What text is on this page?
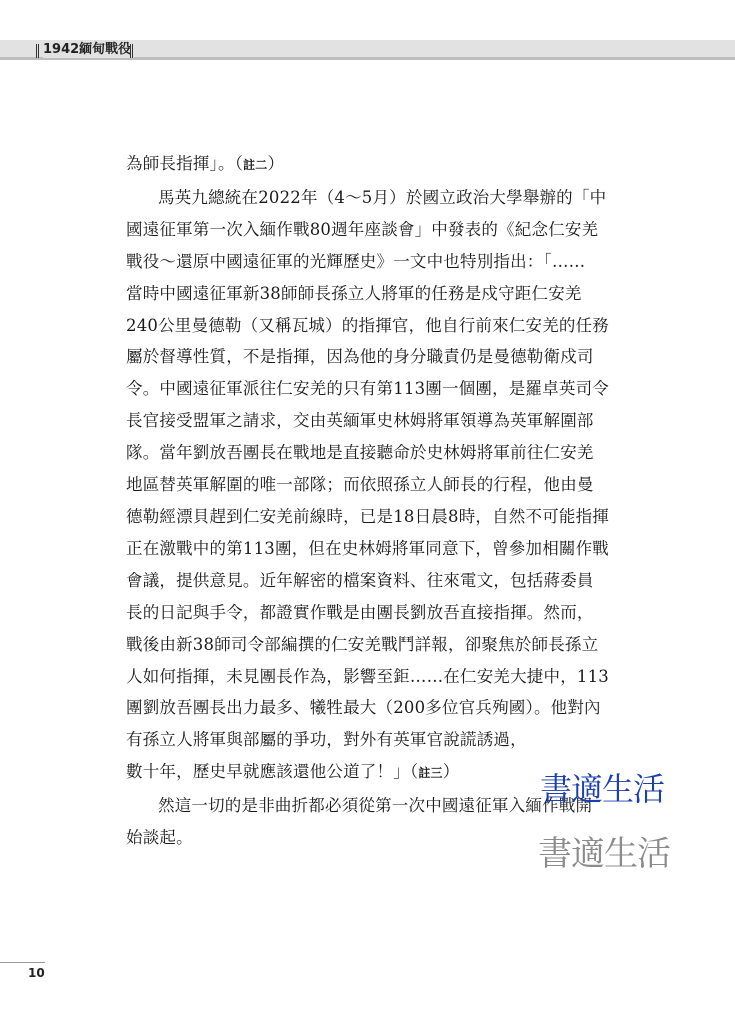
1942緬甸戰役

為師長指揮」。（註二）

馬英九總統在2022年（4～5月）於國立政治大學舉辦的「中

國遠征軍第一次入緬作戰80週年座談會」中發表的《紀念仁安羌

戰役～還原中國遠征軍的光輝歷史》一文中也特別指出：「……

當時中國遠征軍新38師師長孫立人將軍的任務是戍守距仁安羌

240公里曼德勒（又稱瓦城）的指揮官，他自行前來仁安羌的任務

屬於督導性質，不是指揮，因為他的身分職責仍是曼德勒衛戍司

令。中國遠征軍派往仁安羌的只有第113團一個團，是羅卓英司令

長官接受盟軍之請求，交由英緬軍史林姆將軍領導為英軍解圍部

隊。當年劉放吾團長在戰地是直接聽命於史林姆將軍前往仁安羌

地區替英軍解圍的唯一部隊；而依照孫立人師長的行程，他由曼

德勒經漂貝趕到仁安羌前線時，已是18日晨8時，自然不可能指揮

正在激戰中的第113團，但在史林姆將軍同意下，曾參加相關作戰

會議，提供意見。近年解密的檔案資料、往來電文，包括蔣委員

長的日記與手令，都證實作戰是由團長劉放吾直接指揮。然而，

戰後由新38師司令部編撰的仁安羌戰鬥詳報，卻聚焦於師長孫立

人如何指揮，未見團長作為，影響至鉅……在仁安羌大捷中，113

團劉放吾團長出力最多、犧牲最大（200多位官兵殉國）。他對內

有孫立人將軍與部屬的爭功，對外有英軍官說謊誘過，

數十年，歷史早就應該還他公道了！」（註三）

然這一切的是非曲折都必須從第一次中國遠征軍入緬作戰開

始談起。

書適生活
書適生活
10
